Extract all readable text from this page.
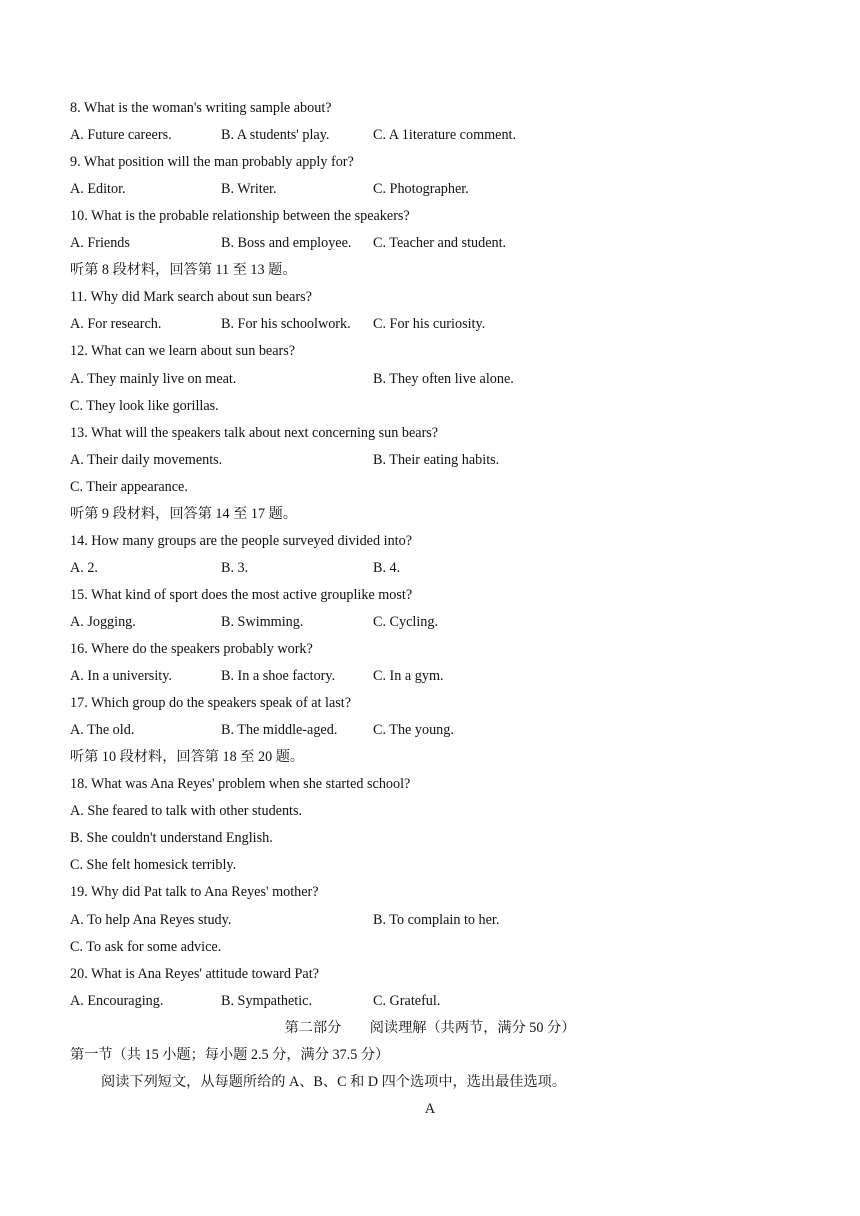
8. What is the woman's writing sample about?
A. Future careers.	B. A students' play.	C. A 1iterature comment.
9. What position will the man probably apply for?
A. Editor.	B. Writer.	C. Photographer.
10. What is the probable relationship between the speakers?
A. Friends	B. Boss and employee. C. Teacher and student.
听第 8 段材料，回答第 11 至 13 题。
11. Why did Mark search about sun bears?
A. For research.	B. For his schoolwork. C. For his curiosity.
12. What can we learn about sun bears?
A. They mainly live on meat.	B. They often live alone.
C. They look like gorillas.
13. What will the speakers talk about next concerning sun bears?
A. Their daily movements.	B. Their eating habits.
C. Their appearance.
听第 9 段材料，回答第 14 至 17 题。
14. How many groups are the people surveyed divided into?
A. 2.	B. 3.	B. 4.
15. What kind of sport does the most active grouplike most?
A. Jogging.	B. Swimming.	C. Cycling.
16. Where do the speakers probably work?
A. In a university.	B. In a shoe factory.	C. In a gym.
17. Which group do the speakers speak of at last?
A. The old.	B. The middle-aged.	C. The young.
听第 10 段材料，回答第 18 至 20 题。
18. What was Ana Reyes' problem when she started school?
A. She feared to talk with other students.
B. She couldn't understand English.
C. She felt homesick terribly.
19. Why did Pat talk to Ana Reyes' mother?
A. To help Ana Reyes study.	B. To complain to her.
C. To ask for some advice.
20. What is Ana Reyes' attitude toward Pat?
A. Encouraging.	B. Sympathetic.	C. Grateful.
第二部分　　阅读理解（共两节，满分 50 分）
第一节（共 15 小题；每小题 2.5 分，满分 37.5 分）
阅读下列短文，从每题所给的 A、B、C 和 D 四个选项中，选出最佳选项。
A
